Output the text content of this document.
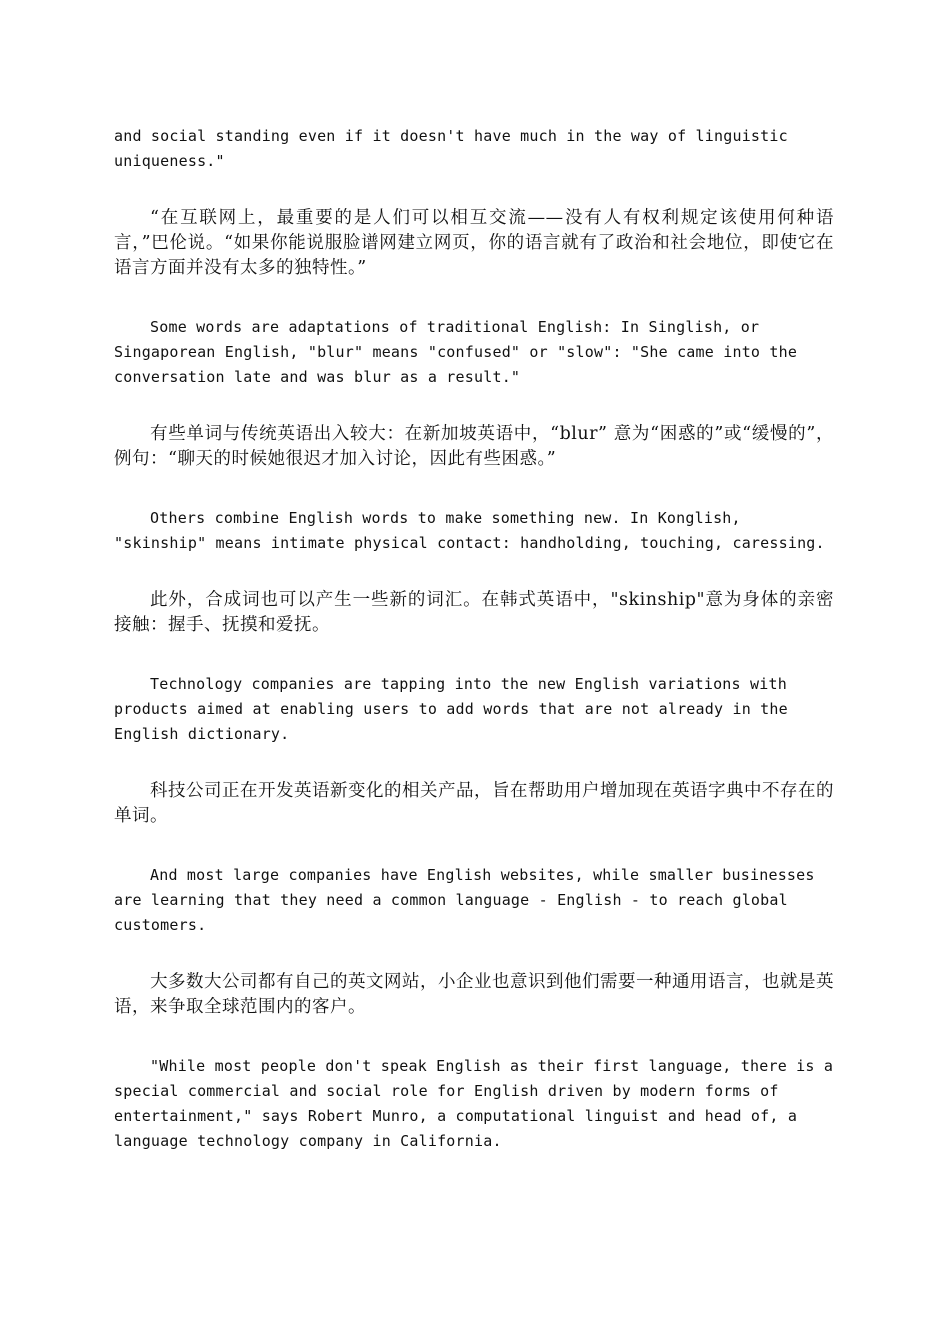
and social standing even if it doesn't have much in the way of linguistic uniqueness."

“在互联网上，最重要的是人们可以相互交流——没有人有权利规定该使用何种语言，”巴伦说。“如果你能说服脸谱网建立网页，你的语言就有了政治和社会地位，即使它在语言方面并没有太多的独特性。”

Some words are adaptations of traditional English: In Singlish, or Singaporean English, "blur" means "confused" or "slow": "She came into the conversation late and was blur as a result."

有些单词与传统英语出入较大：在新加坡英语中，“blur” 意为“困惑的”或“缓慢的”，例句：“聊天的时候她很迟才加入讨论，因此有些困惑。”

Others combine English words to make something new. In Konglish, "skinship" means intimate physical contact: handholding, touching, caressing.

此外，合成词也可以产生一些新的词汇。在韩式英语中，"skinship"意为身体的亲密接触：握手、抚摸和爱抚。

Technology companies are tapping into the new English variations with products aimed at enabling users to add words that are not already in the English dictionary.

科技公司正在开发英语新变化的相关产品，旨在帮助用户增加现在英语字典中不存在的单词。

And most large companies have English websites, while smaller businesses are learning that they need a common language - English - to reach global customers.

大多数大公司都有自己的英文网站，小企业也意识到他们需要一种通用语言，也就是英语，来争取全球范围内的客户。

"While most people don't speak English as their first language, there is a special commercial and social role for English driven by modern forms of entertainment," says Robert Munro, a computational linguist and head of, a language technology company in California.
